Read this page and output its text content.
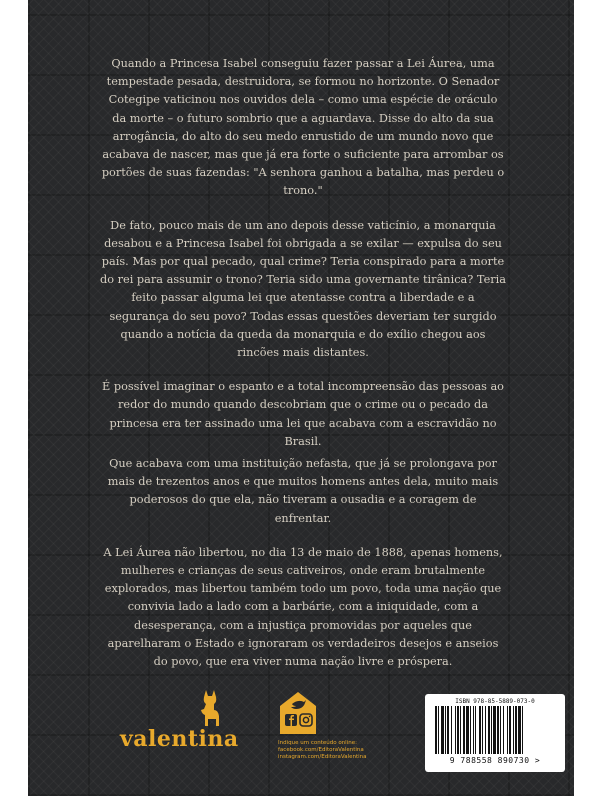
Quando a Princesa Isabel conseguiu fazer passar a Lei Áurea, uma tempestade pesada, destruidora, se formou no horizonte. O Senador Cotegipe vaticinou nos ouvidos dela – como uma espécie de oráculo da morte – o futuro sombrio que a aguardava. Disse do alto da sua arrogância, do alto do seu medo enrustido de um mundo novo que acabava de nascer, mas que já era forte o suficiente para arrombar os portões de suas fazendas: "A senhora ganhou a batalha, mas perdeu o trono."

De fato, pouco mais de um ano depois desse vaticínio, a monarquia desabou e a Princesa Isabel foi obrigada a se exilar — expulsa do seu país. Mas por qual pecado, qual crime? Teria conspirado para a morte do rei para assumir o trono? Teria sido uma governante tirânica? Teria feito passar alguma lei que atentasse contra a liberdade e a segurança do seu povo? Todas essas questões deveriam ter surgido quando a notícia da queda da monarquia e do exílio chegou aos rincões mais distantes.

É possível imaginar o espanto e a total incompreensão das pessoas ao redor do mundo quando descobriam que o crime ou o pecado da princesa era ter assinado uma lei que acabava com a escravidão no Brasil.

Que acabava com uma instituição nefasta, que já se prolongava por mais de trezentos anos e que muitos homens antes dela, muito mais poderosos do que ela, não tiveram a ousadia e a coragem de enfrentar.

A Lei Áurea não libertou, no dia 13 de maio de 1888, apenas homens, mulheres e crianças de seus cativeiros, onde eram brutalmente explorados, mas libertou também todo um povo, toda uma nação que convivia lado a lado com a barbárie, com a iniquidade, com a desesperança, com a injustiça promovidas por aqueles que aparelharam o Estado e ignoraram os verdadeiros desejos e anseios do povo, que era viver numa nação livre e próspera.

valentina	Indique um conteúdo online:
facebook.com/EditoraValentina
instagram.com/EditoraValentina
ISBN 978-85-5889-073-0
9 788558 890730 >
